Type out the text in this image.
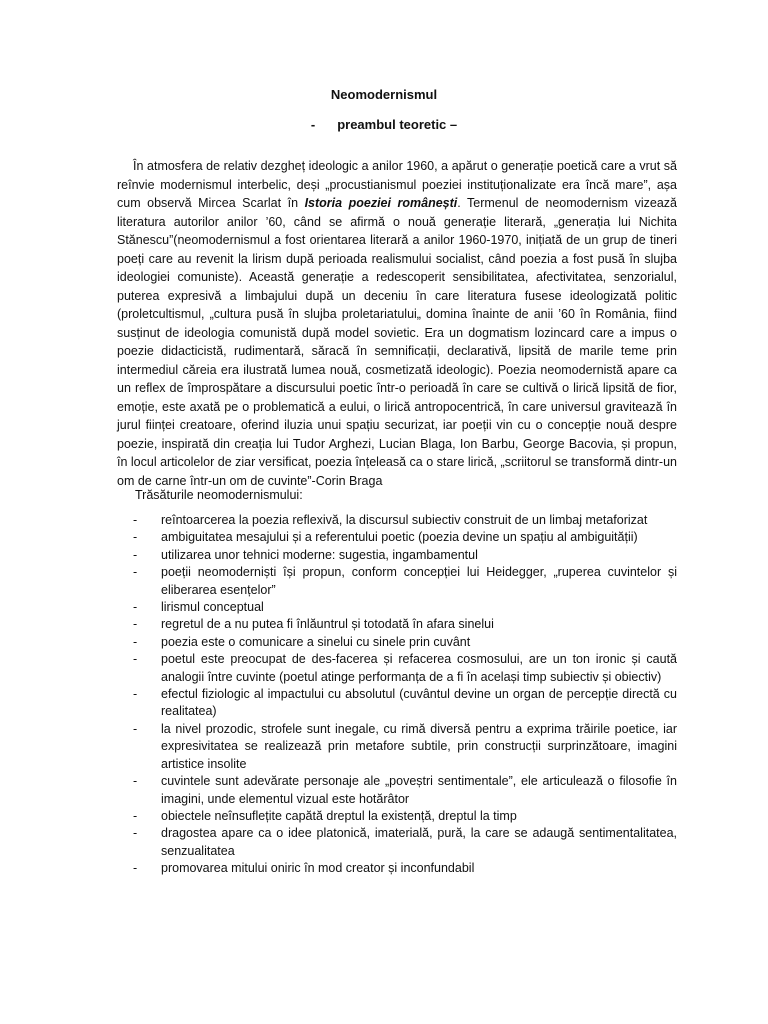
Neomodernismul
- preambul teoretic –

În atmosfera de relativ dezgheț ideologic a anilor 1960, a apărut o generație poetică care a vrut să reînvie modernismul interbelic, deși „procustianismul poeziei instituționalizate era încă mare”, așa cum observă Mircea Scarlat în Istoria poeziei românești. Termenul de neomodernism vizează literatura autorilor anilor ’60, când se afirmă o nouă generație literară, „generația lui Nichita Stănescu”(neomodernismul a fost orientarea literară a anilor 1960-1970, inițiată de un grup de tineri poeți care au revenit la lirism după perioada realismului socialist, când poezia a fost pusă în slujba ideologiei comuniste). Această generație a redescoperit sensibilitatea, afectivitatea, senzorialul, puterea expresivă a limbajului după un deceniu în care literatura fusese ideologizată politic (proletcultismul, „cultura pusă în slujba proletariatului„ domina înainte de anii ’60 în România, fiind susținut de ideologia comunistă după model sovietic. Era un dogmatism lozincard care a impus o poezie didacticistă, rudimentară, săracă în semnificații, declarativă, lipsită de marile teme prin intermediul căreia era ilustrată lumea nouă, cosmetizată ideologic). Poezia neomodernistă apare ca un reflex de împrospătare a discursului poetic într-o perioadă în care se cultivă o lirică lipsită de fior, emoție, este axată pe o problematică a eului, o lirică antropocentrică, în care universul gravitează în jurul ființei creatoare, oferind iluzia unui spațiu securizat, iar poeții vin cu o concepție nouă despre poezie, inspirată din creația lui Tudor Arghezi, Lucian Blaga, Ion Barbu, George Bacovia, și propun, în locul articolelor de ziar versificat, poezia înțeleasă ca o stare lirică, „scriitorul se transformă dintr-un om de carne într-un om de cuvinte”-Corin Braga

Trăsăturile neomodernismului:
- reîntoarcerea la poezia reflexivă, la discursul subiectiv construit de un limbaj metaforizat
- ambiguitatea mesajului și a referentului poetic (poezia devine un spațiu al ambiguității)
- utilizarea unor tehnici moderne: sugestia, ingambamentul
- poeții neomoderniști își propun, conform concepției lui Heidegger, „ruperea cuvintelor și eliberarea esențelor”
- lirismul conceptual
- regretul de a nu putea fi înlăuntrul și totodată în afara sinelui
- poezia este o comunicare a sinelui cu sinele prin cuvânt
- poetul este preocupat de des-facerea și refacerea cosmosului, are un ton ironic și caută analogii între cuvinte (poetul atinge performanța de a fi în același timp subiectiv și obiectiv)
- efectul fiziologic al impactului cu absolutul (cuvântul devine un organ de percepție directă cu realitatea)
- la nivel prozodic, strofele sunt inegale, cu rimă diversă pentru a exprima trăirile poetice, iar expresivitatea se realizează prin metafore subtile, prin construcții surprinzătoare, imagini artistice insolite
- cuvintele sunt adevărate personaje ale „poveștri sentimentale”, ele articulează o filosofie în imagini, unde elementul vizual este hotărâtor
- obiectele neînsuflețite capătă dreptul la existență, dreptul la timp
- dragostea apare ca o idee platonică, imaterială, pură, la care se adaugă sentimentalitatea, senzualitatea
- promovarea mitului oniric în mod creator și inconfundabil
